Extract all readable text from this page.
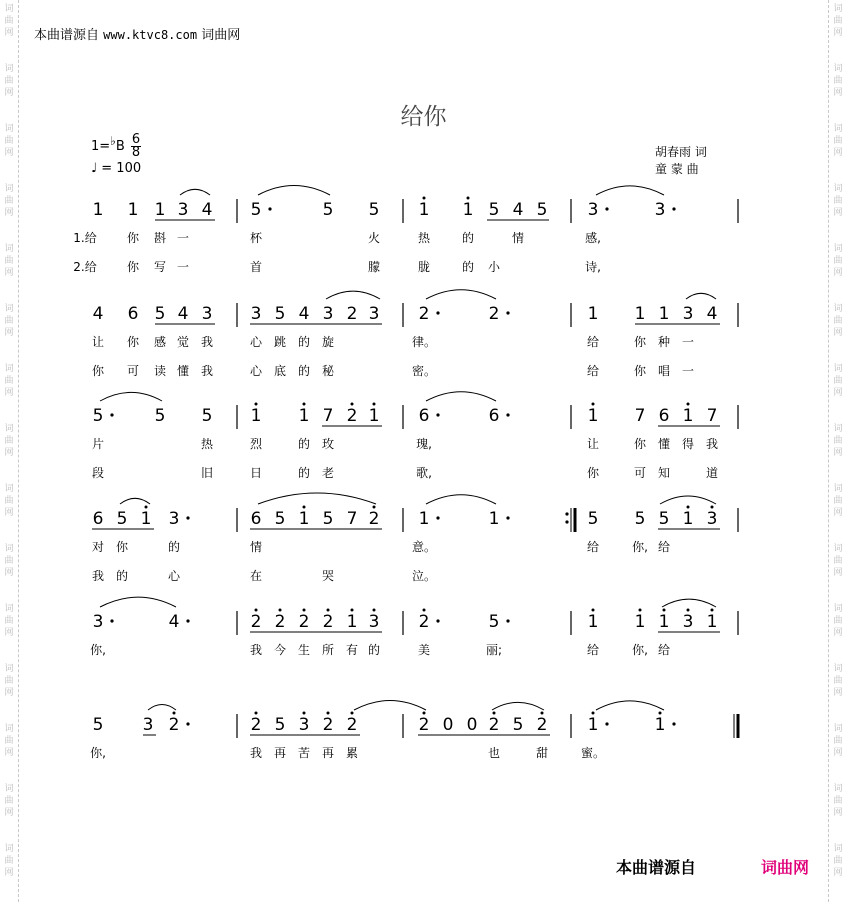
词
曲
网
词
曲
网
词
曲
网
词
曲
网
词
曲
网
词
曲
网
词
曲
网
词
曲
网
词
曲
网
词
曲
网
词
曲
网
词
曲
网
词
曲
网
词
曲
网
词
曲
网
词
曲
网
词
曲
网
词
曲
网
词
曲
网
词
曲
网
词
曲
网
词
曲
网
词
曲
网
词
曲
网
词
曲
网
词
曲
网
词
曲
网
词
曲
网
词
曲
网
词
曲
网
本曲谱源自 www.ktvc8.com 词曲网
给你
1=♭B $\frac{6}{8}$
♩ = 100
胡春雨 词
童 蒙 曲
1 1 1 3 4 5	5 5 1 1 5 4 5 3	3
1.给	你 斟 一	杯	火	热	的	情	感,
2.给	你 写 一	首	朦	胧	的 小	诗,
4 6 5 4 3 3 5 4 3 2 3 2	2	1 1 1 3 4
让 你 感 觉 我	心 跳 的 旋	律。	给	你 种 一
你 可 读 懂 我	心 底 的 秘	密。	给	你 唱 一
5	5 5 1 1 7 2 1 6	6	1 7 6 1 7
片	热	烈	的 玫	瑰,	让	你 懂 得 我
段	旧	日	的 老	歌,	你	可 知	道
6 5 1 3	6 5 1 5 7 2 1	1	5 5 5 1 3
对 你	的	情	意。	给	你, 给
我 的	心	在	哭	泣。
3	4	2 2 2 2 1 3 2	5	1 1 1 3 1
你,	我 今 生 所 有 的	美	丽;	给	你, 给
5 3 2	2 5 3 2 2	2 0 0 2 5 2 1	1
你,	我 再 苦 再 累	也	甜	蜜。
本曲谱源自	词曲网
